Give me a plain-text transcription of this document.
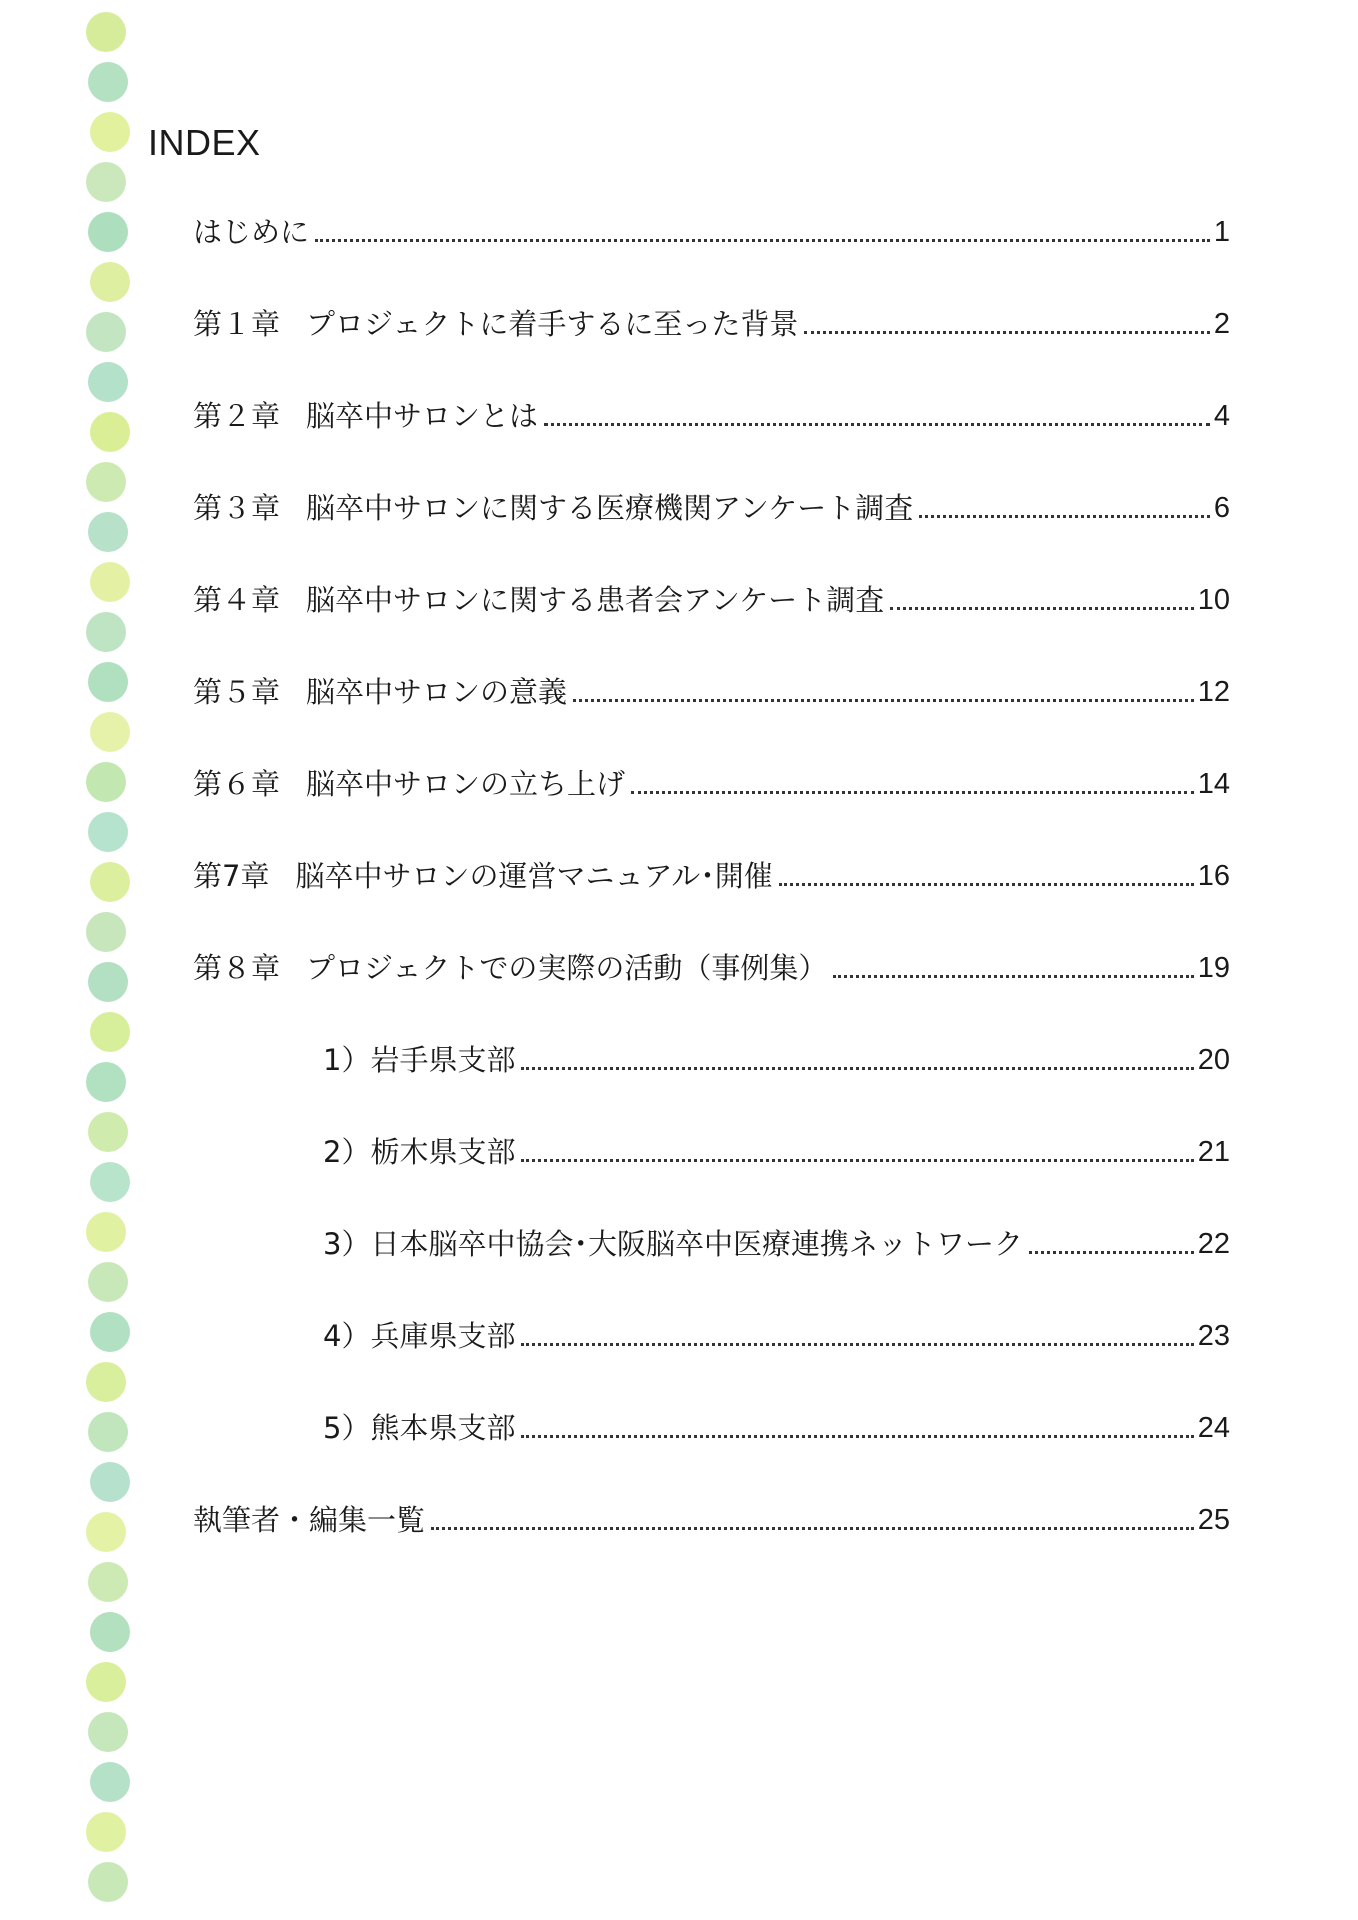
INDEX
はじめに	1
第１章 プロジェクトに着手するに至った背景	2
第２章 脳卒中サロンとは	4
第３章 脳卒中サロンに関する医療機関アンケート調査	6
第４章 脳卒中サロンに関する患者会アンケート調査	10
第５章 脳卒中サロンの意義	12
第６章 脳卒中サロンの立ち上げ	14
第7章 脳卒中サロンの運営マニュアル･開催	16
第８章 プロジェクトでの実際の活動（事例集）	19
1）岩手県支部	20
2）栃木県支部	21
3）日本脳卒中協会･大阪脳卒中医療連携ネットワーク	22
4）兵庫県支部	23
5）熊本県支部	24
執筆者・編集一覧	25
